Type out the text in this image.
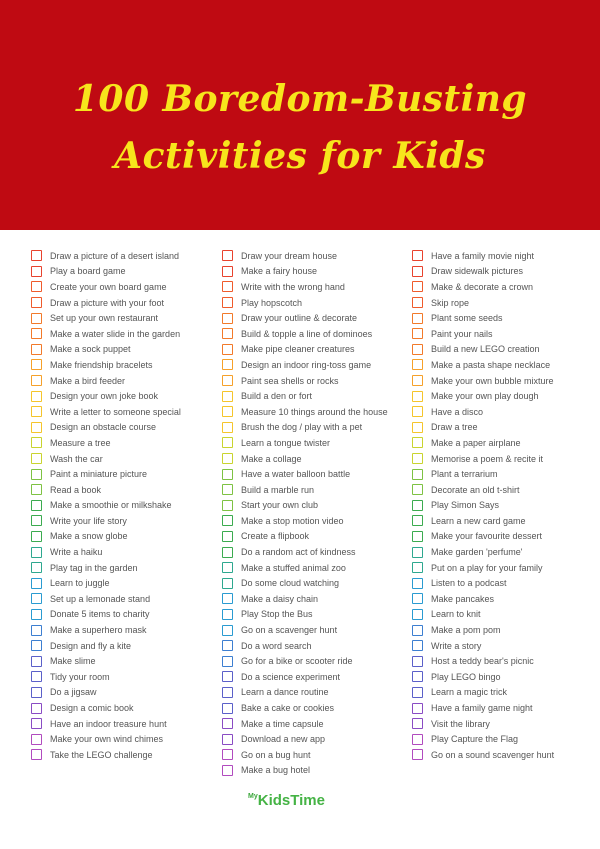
100 Boredom-Busting
Activities for Kids
Draw a picture of a desert island
Play a board game
Create your own board game
Draw a picture with your foot
Set up your own restaurant
Make a water slide in the garden
Make a sock puppet
Make friendship bracelets
Make a bird feeder
Design your own joke book
Write a letter to someone special
Design an obstacle course
Measure a tree
Wash the car
Paint a miniature picture
Read a book
Make a smoothie or milkshake
Write your life story
Make a snow globe
Write a haiku
Play tag in the garden
Learn to juggle
Set up a lemonade stand
Donate 5 items to charity
Make a superhero mask
Design and fly a kite
Make slime
Tidy your room
Do a jigsaw
Design a comic book
Have an indoor treasure hunt
Make your own wind chimes
Take the LEGO challenge
Draw your dream house
Make a fairy house
Write with the wrong hand
Play hopscotch
Draw your outline & decorate
Build & topple a line of dominoes
Make pipe cleaner creatures
Design an indoor ring-toss game
Paint sea shells or rocks
Build a den or fort
Measure 10 things around the house
Brush the dog / play with a pet
Learn a tongue twister
Make a collage
Have a water balloon battle
Build a marble run
Start your own club
Make a stop motion video
Create a flipbook
Do a random act of kindness
Make a stuffed animal zoo
Do some cloud watching
Make a daisy chain
Play Stop the Bus
Go on a scavenger hunt
Do a word search
Go for a bike or scooter ride
Do a science experiment
Learn a dance routine
Bake a cake or cookies
Make a time capsule
Download a new app
Go on a bug hunt
Make a bug hotel
Have a family movie night
Draw sidewalk pictures
Make & decorate a crown
Skip rope
Plant some seeds
Paint your nails
Build a new LEGO creation
Make a pasta shape necklace
Make your own bubble mixture
Make your own play dough
Have a disco
Draw a tree
Make a paper airplane
Memorise a poem & recite it
Plant a terrarium
Decorate an old t-shirt
Play Simon Says
Learn a new card game
Make your favourite dessert
Make garden 'perfume'
Put on a play for your family
Listen to a podcast
Make pancakes
Learn to knit
Make a pom pom
Write a story
Host a teddy bear's picnic
Play LEGO bingo
Learn a magic trick
Have a family game night
Visit the library
Play Capture the Flag
Go on a sound scavenger hunt
$^{My}$KidsTime
